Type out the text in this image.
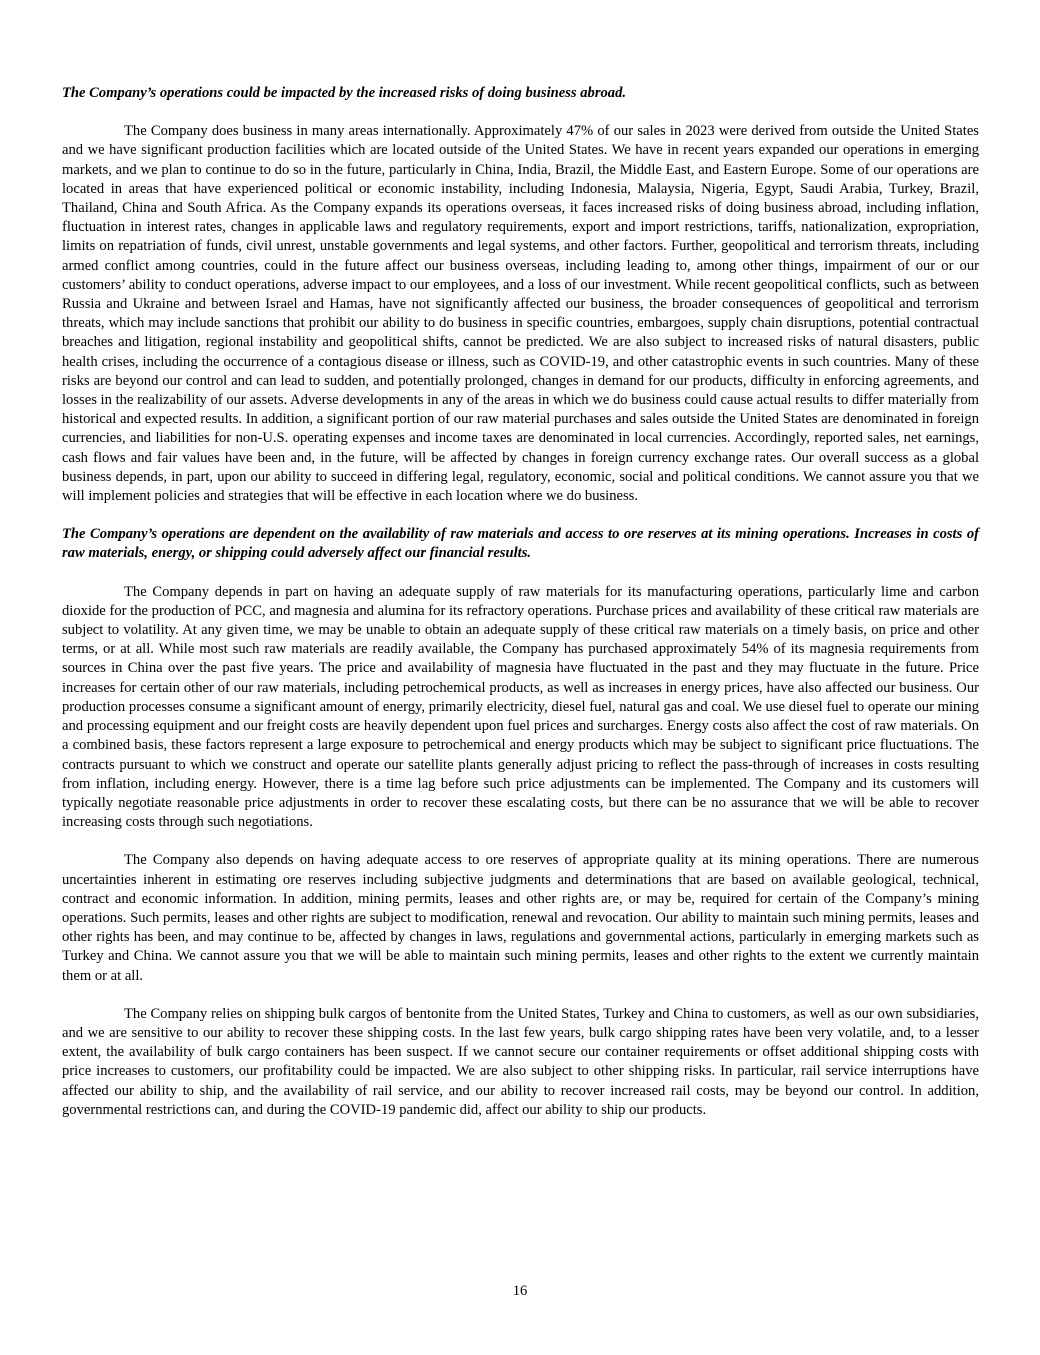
The Company’s operations could be impacted by the increased risks of doing business abroad.

The Company does business in many areas internationally. Approximately 47% of our sales in 2023 were derived from outside the United States and we have significant production facilities which are located outside of the United States. We have in recent years expanded our operations in emerging markets, and we plan to continue to do so in the future, particularly in China, India, Brazil, the Middle East, and Eastern Europe. Some of our operations are located in areas that have experienced political or economic instability, including Indonesia, Malaysia, Nigeria, Egypt, Saudi Arabia, Turkey, Brazil, Thailand, China and South Africa. As the Company expands its operations overseas, it faces increased risks of doing business abroad, including inflation, fluctuation in interest rates, changes in applicable laws and regulatory requirements, export and import restrictions, tariffs, nationalization, expropriation, limits on repatriation of funds, civil unrest, unstable governments and legal systems, and other factors. Further, geopolitical and terrorism threats, including armed conflict among countries, could in the future affect our business overseas, including leading to, among other things, impairment of our or our customers’ ability to conduct operations, adverse impact to our employees, and a loss of our investment. While recent geopolitical conflicts, such as between Russia and Ukraine and between Israel and Hamas, have not significantly affected our business, the broader consequences of geopolitical and terrorism threats, which may include sanctions that prohibit our ability to do business in specific countries, embargoes, supply chain disruptions, potential contractual breaches and litigation, regional instability and geopolitical shifts, cannot be predicted. We are also subject to increased risks of natural disasters, public health crises, including the occurrence of a contagious disease or illness, such as COVID-19, and other catastrophic events in such countries. Many of these risks are beyond our control and can lead to sudden, and potentially prolonged, changes in demand for our products, difficulty in enforcing agreements, and losses in the realizability of our assets. Adverse developments in any of the areas in which we do business could cause actual results to differ materially from historical and expected results. In addition, a significant portion of our raw material purchases and sales outside the United States are denominated in foreign currencies, and liabilities for non-U.S. operating expenses and income taxes are denominated in local currencies. Accordingly, reported sales, net earnings, cash flows and fair values have been and, in the future, will be affected by changes in foreign currency exchange rates. Our overall success as a global business depends, in part, upon our ability to succeed in differing legal, regulatory, economic, social and political conditions. We cannot assure you that we will implement policies and strategies that will be effective in each location where we do business.

The Company’s operations are dependent on the availability of raw materials and access to ore reserves at its mining operations. Increases in costs of raw materials, energy, or shipping could adversely affect our financial results.

The Company depends in part on having an adequate supply of raw materials for its manufacturing operations, particularly lime and carbon dioxide for the production of PCC, and magnesia and alumina for its refractory operations. Purchase prices and availability of these critical raw materials are subject to volatility. At any given time, we may be unable to obtain an adequate supply of these critical raw materials on a timely basis, on price and other terms, or at all. While most such raw materials are readily available, the Company has purchased approximately 54% of its magnesia requirements from sources in China over the past five years. The price and availability of magnesia have fluctuated in the past and they may fluctuate in the future. Price increases for certain other of our raw materials, including petrochemical products, as well as increases in energy prices, have also affected our business. Our production processes consume a significant amount of energy, primarily electricity, diesel fuel, natural gas and coal. We use diesel fuel to operate our mining and processing equipment and our freight costs are heavily dependent upon fuel prices and surcharges. Energy costs also affect the cost of raw materials. On a combined basis, these factors represent a large exposure to petrochemical and energy products which may be subject to significant price fluctuations. The contracts pursuant to which we construct and operate our satellite plants generally adjust pricing to reflect the pass-through of increases in costs resulting from inflation, including energy. However, there is a time lag before such price adjustments can be implemented. The Company and its customers will typically negotiate reasonable price adjustments in order to recover these escalating costs, but there can be no assurance that we will be able to recover increasing costs through such negotiations.

The Company also depends on having adequate access to ore reserves of appropriate quality at its mining operations. There are numerous uncertainties inherent in estimating ore reserves including subjective judgments and determinations that are based on available geological, technical, contract and economic information. In addition, mining permits, leases and other rights are, or may be, required for certain of the Company’s mining operations. Such permits, leases and other rights are subject to modification, renewal and revocation. Our ability to maintain such mining permits, leases and other rights has been, and may continue to be, affected by changes in laws, regulations and governmental actions, particularly in emerging markets such as Turkey and China. We cannot assure you that we will be able to maintain such mining permits, leases and other rights to the extent we currently maintain them or at all.

The Company relies on shipping bulk cargos of bentonite from the United States, Turkey and China to customers, as well as our own subsidiaries, and we are sensitive to our ability to recover these shipping costs. In the last few years, bulk cargo shipping rates have been very volatile, and, to a lesser extent, the availability of bulk cargo containers has been suspect. If we cannot secure our container requirements or offset additional shipping costs with price increases to customers, our profitability could be impacted. We are also subject to other shipping risks. In particular, rail service interruptions have affected our ability to ship, and the availability of rail service, and our ability to recover increased rail costs, may be beyond our control. In addition, governmental restrictions can, and during the COVID-19 pandemic did, affect our ability to ship our products.

16
